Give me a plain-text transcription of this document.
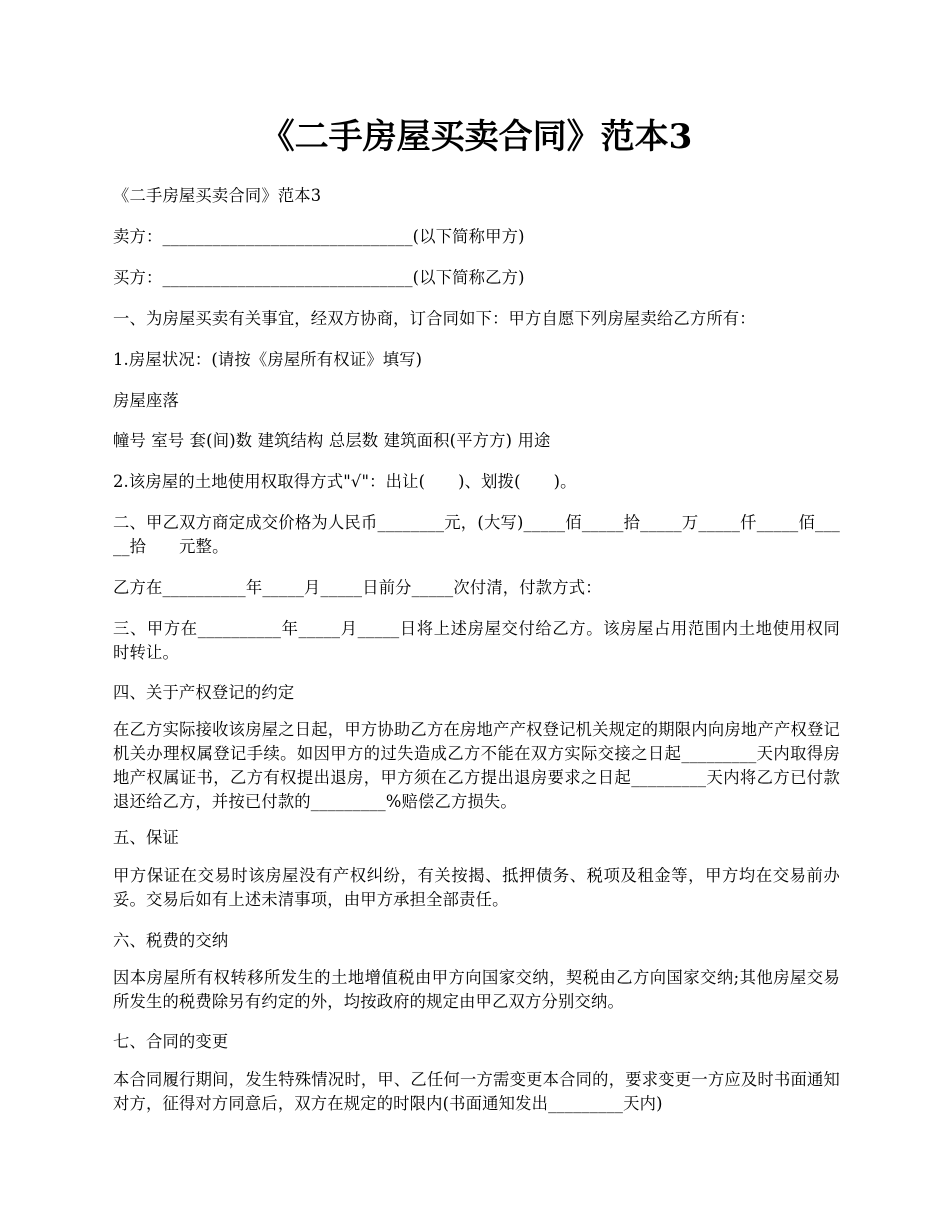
《二手房屋买卖合同》范本3

《二手房屋买卖合同》范本3

卖方：______________________________(以下简称甲方)

买方：______________________________(以下简称乙方)

一、为房屋买卖有关事宜，经双方协商，订合同如下：甲方自愿下列房屋卖给乙方所有：

1.房屋状况：(请按《房屋所有权证》填写)

房屋座落

幢号 室号 套(间)数 建筑结构 总层数 建筑面积(平方方) 用途

2.该房屋的土地使用权取得方式"√"：出让(　　)、划拨(　　)。

二、甲乙双方商定成交价格为人民币________元，(大写)_____佰_____拾_____万_____仟_____佰_____拾　　元整。

乙方在__________年_____月_____日前分_____次付清，付款方式：

三、甲方在__________年_____月_____日将上述房屋交付给乙方。该房屋占用范围内土地使用权同时转让。

四、关于产权登记的约定

在乙方实际接收该房屋之日起，甲方协助乙方在房地产产权登记机关规定的期限内向房地产产权登记机关办理权属登记手续。如因甲方的过失造成乙方不能在双方实际交接之日起_________天内取得房地产权属证书，乙方有权提出退房，甲方须在乙方提出退房要求之日起_________天内将乙方已付款退还给乙方，并按已付款的_________%赔偿乙方损失。

五、保证

甲方保证在交易时该房屋没有产权纠纷，有关按揭、抵押债务、税项及租金等，甲方均在交易前办妥。交易后如有上述未清事项，由甲方承担全部责任。

六、税费的交纳

因本房屋所有权转移所发生的土地增值税由甲方向国家交纳，契税由乙方向国家交纳;其他房屋交易所发生的税费除另有约定的外，均按政府的规定由甲乙双方分别交纳。

七、合同的变更

本合同履行期间，发生特殊情况时，甲、乙任何一方需变更本合同的，要求变更一方应及时书面通知对方，征得对方同意后，双方在规定的时限内(书面通知发出_________天内)
